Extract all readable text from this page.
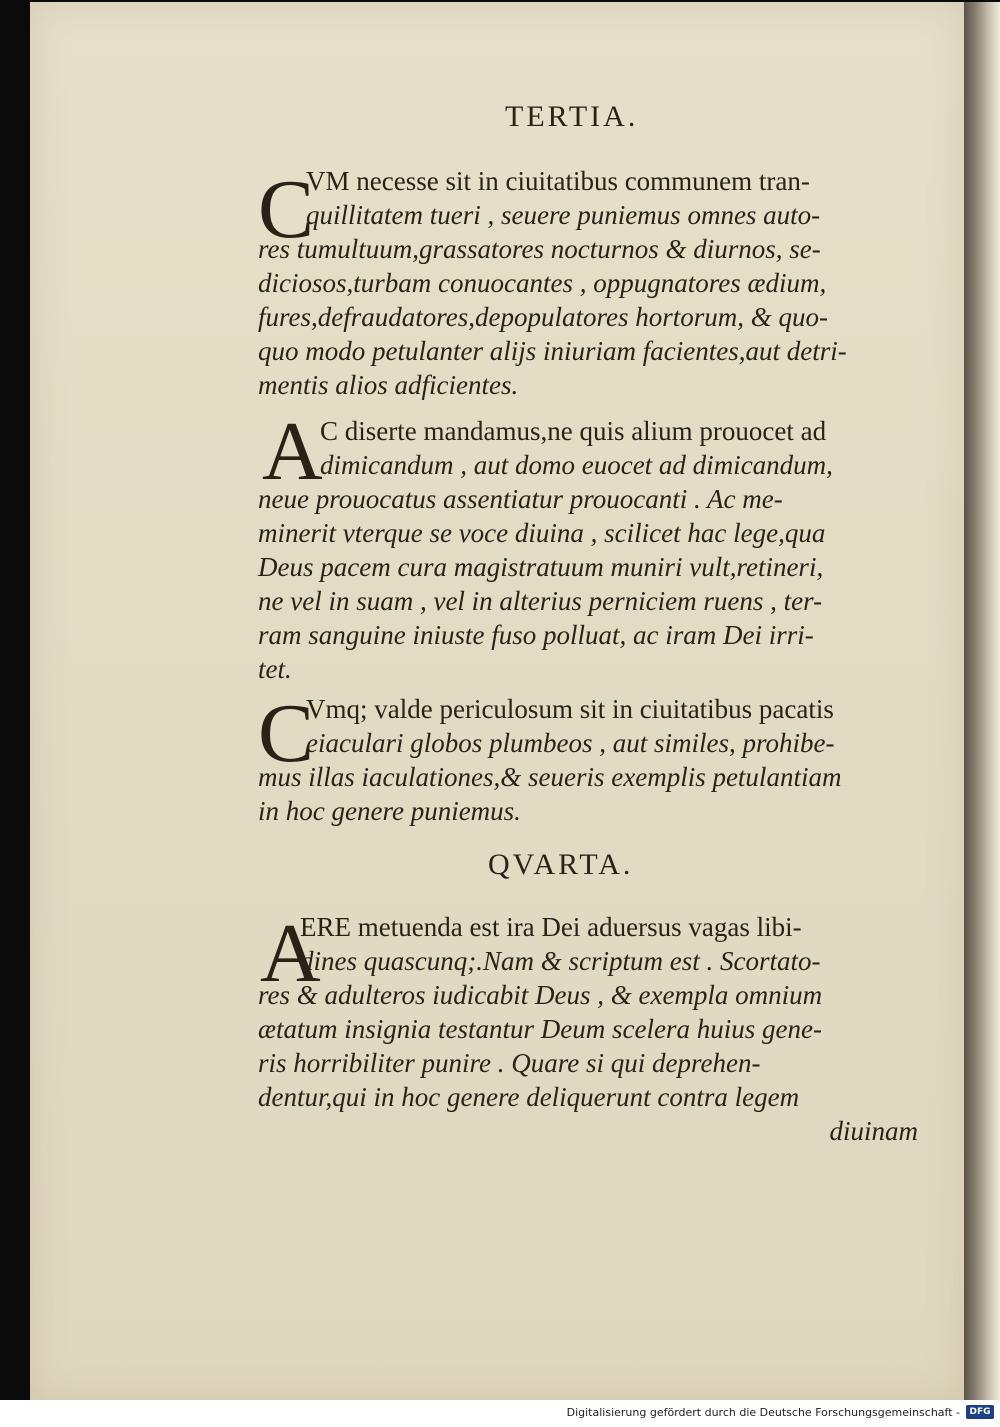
TERTIA.
C
VM necesse sit in ciuitatibus communem tran-
quillitatem tueri , seuere puniemus omnes auto-
res tumultuum,grassatores nocturnos & diurnos, se-
diciosos,turbam conuocantes , oppugnatores ædium,
fures,defraudatores,depopulatores hortorum, & quo-
quo modo petulanter alijs iniuriam facientes,aut detri-
mentis alios adficientes.
A
C diserte mandamus,ne quis alium prouocet ad
dimicandum , aut domo euocet ad dimicandum,
neue prouocatus assentiatur prouocanti . Ac me-
minerit vterque se voce diuina , scilicet hac lege,qua
Deus pacem cura magistratuum muniri vult,retineri,
ne vel in suam , vel in alterius perniciem ruens , ter-
ram sanguine iniuste fuso polluat, ac iram Dei irri-
tet.
C
Vmq; valde periculosum sit in ciuitatibus pacatis
eiaculari globos plumbeos , aut similes, prohibe-
mus illas iaculationes,& seueris exemplis petulantiam
in hoc genere puniemus.
QVARTA.
A
ERE metuenda est ira Dei aduersus vagas libi-
dines quascunq;.Nam & scriptum est . Scortato-
res & adulteros iudicabit Deus , & exempla omnium
ætatum insignia testantur Deum scelera huius gene-
ris horribiliter punire . Quare si qui deprehen-
dentur,qui in hoc genere deliquerunt contra legem
diuinam
Digitalisierung gefördert durch die Deutsche Forschungsgemeinschaft -	DFG
